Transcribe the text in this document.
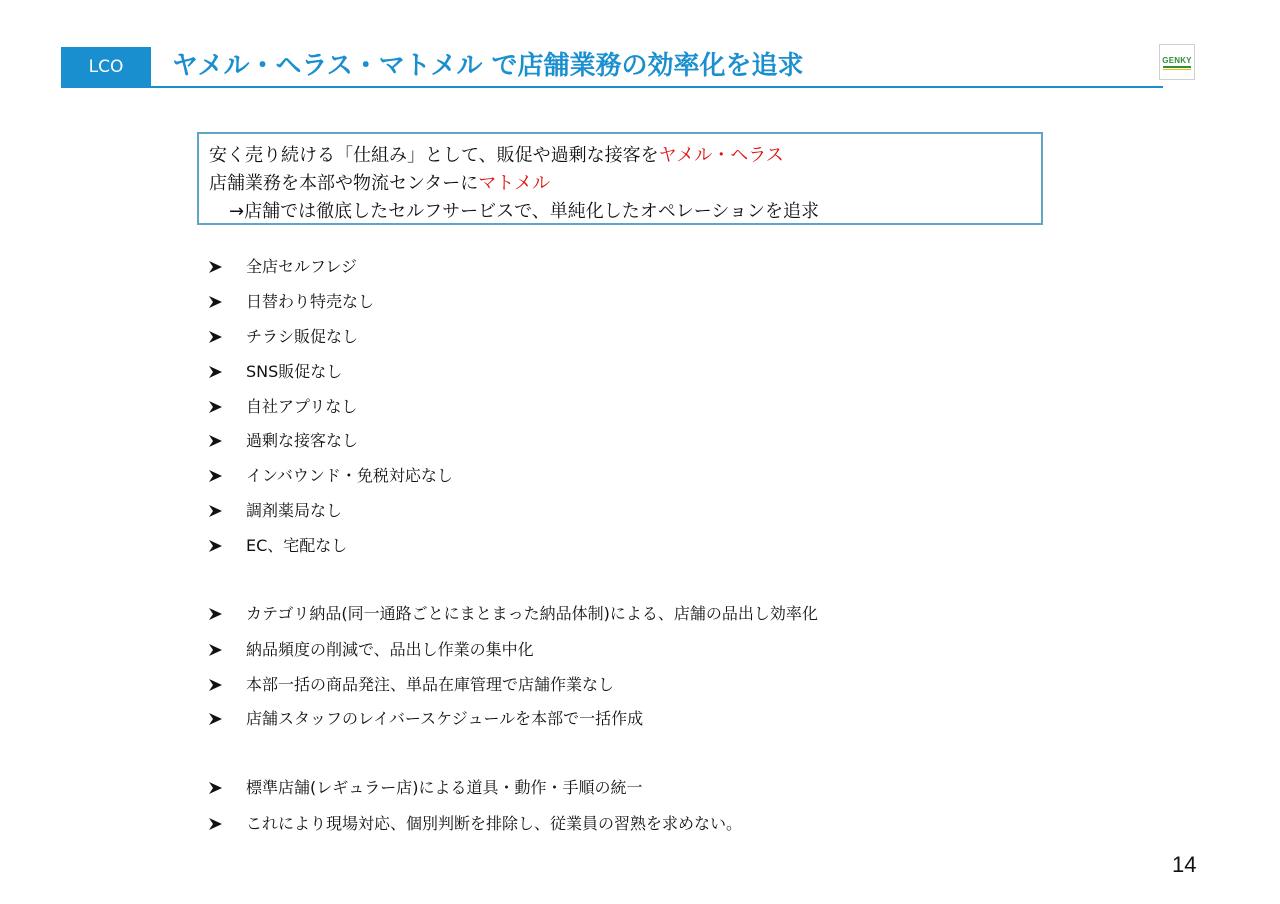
LCO	ヤメル・ヘラス・マトメル で店舗業務の効率化を追求	GENKY
安く売り続ける「仕組み」として、販促や過剰な接客をヤメル・ヘラス
店舗業務を本部や物流センターにマトメル
→店舗では徹底したセルフサービスで、単純化したオペレーションを追求
全店セルフレジ
日替わり特売なし
チラシ販促なし
SNS販促なし
自社アプリなし
過剰な接客なし
インバウンド・免税対応なし
調剤薬局なし
EC、宅配なし
カテゴリ納品(同一通路ごとにまとまった納品体制)による、店舗の品出し効率化
納品頻度の削減で、品出し作業の集中化
本部一括の商品発注、単品在庫管理で店舗作業なし
店舗スタッフのレイバースケジュールを本部で一括作成
標準店舗(レギュラー店)による道具・動作・手順の統一
これにより現場対応、個別判断を排除し、従業員の習熟を求めない。
14
